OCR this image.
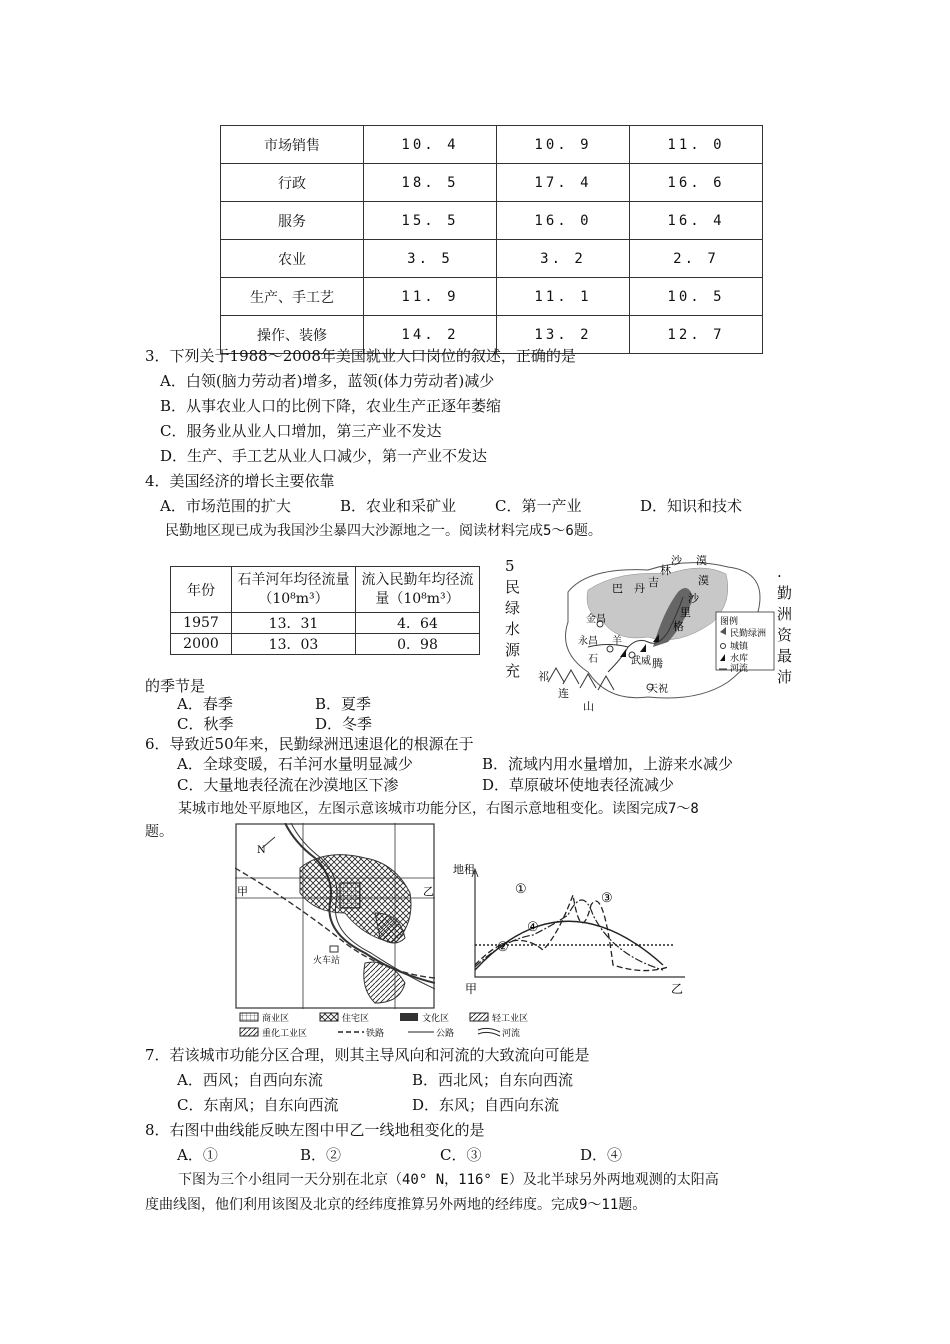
市场销售	10. 4	10. 9	11. 0
行政	18. 5	17. 4	16. 6
服务	15. 5	16. 0	16. 4
农业	3. 5	3. 2	2. 7
生产、手工艺	11. 9	11. 1	10. 5
操作、装修	14. 2	13. 2	12. 7
3．下列关于1988～2008年美国就业人口岗位的叙述，正确的是
A．白领(脑力劳动者)增多，蓝领(体力劳动者)减少
B．从事农业人口的比例下降，农业生产正逐年萎缩
C．服务业从业人口增加，第三产业不发达
D．生产、手工艺从业人口减少，第一产业不发达
4．美国经济的增长主要依靠
A．市场范围的扩大	B．农业和采矿业	C．第一产业	D．知识和技术
民勤地区现已成为我国沙尘暴四大沙源地之一。阅读材料完成5～6题。
年份	石羊河年均径流量（10⁸m³）	流入民勤年均径流量（10⁸m³）
1957	13．31	4．64
2000	13．03	0．98
5民绿水源充
.勤洲资最沛
巴　丹 吉
林
沙 漠
漠
沙
里
格
腾
金昌
永昌
武威
天祝
羊
石
祁
连
山
图例
民勤绿洲
城镇
水库
河流
的季节是
A．春季	B．夏季
C．秋季	D．冬季
6．导致近50年来，民勤绿洲迅速退化的根源在于
A．全球变暖，石羊河水量明显减少	B．流域内用水量增加，上游来水减少
C．大量地表径流在沙漠地区下渗	D．草原破坏使地表径流减少
某城市地处平原地区，左图示意该城市功能分区，右图示意地租变化。读图完成7～8
题。
N
甲	乙
火车站
地租
①
②
③
④
甲	乙
商业区	住宅区	文化区	轻工业区
重化工业区	铁路	公路	河流
7．若该城市功能分区合理，则其主导风向和河流的大致流向可能是
A．西风；自西向东流	B．西北风；自东向西流
C．东南风；自东向西流	D．东风；自西向东流
8．右图中曲线能反映左图中甲乙一线地租变化的是
A．①	B．②	C．③	D．④
下图为三个小组同一天分别在北京（40° N，116° E）及北半球另外两地观测的太阳高
度曲线图，他们利用该图及北京的经纬度推算另外两地的经纬度。完成9～11题。
